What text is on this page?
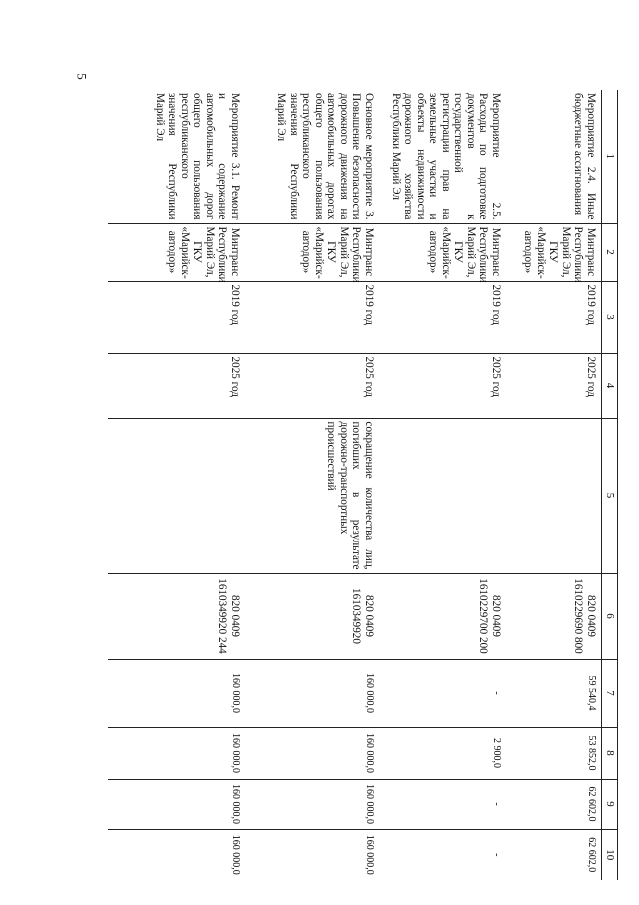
5
1	2	3	4	5	6	7	8	9	10
Мероприятие 2.4. Иные бюджетные ассигнования	Минтранс Республики Марий Эл, ГКУ «Марийск-автодор»	2019 год	2025 год		820 0409 1610229690 800	59 540,4	53 852,0	62 602,0	62 602,0
Мероприятие 2.5. Расходы по подготовке документов к государственной регистрации прав на земельные участки и объекты недвижимости дорожного хозяйства Республики Марий Эл	Минтранс Республики Марий Эл, ГКУ «Марийск-автодор»	2019 год	2025 год		820 0409 1610229700 200	-	2 900,0	-	-
Основное мероприятие 3. Повышение безопасности дорожного движения на автомобильных дорогах общего пользования республиканского значения Республики Марий Эл	Минтранс Республики Марий Эл, ГКУ «Марийск-автодор»	2019 год	2025 год	сокращение количества лиц, погибших в результате дорожно-транспортных происшествий	820 0409 1610349920	160 000,0	160 000,0	160 000,0	160 000,0
Мероприятие 3.1. Ремонт и содержание автомобильных дорог общего пользования республиканского значения Республики Марий Эл	Минтранс Республики Марий Эл, ГКУ «Марийск-автодор»	2019 год	2025 год		820 0409 1610349920 244	160 000,0	160 000,0	160 000,0	160 000,0
